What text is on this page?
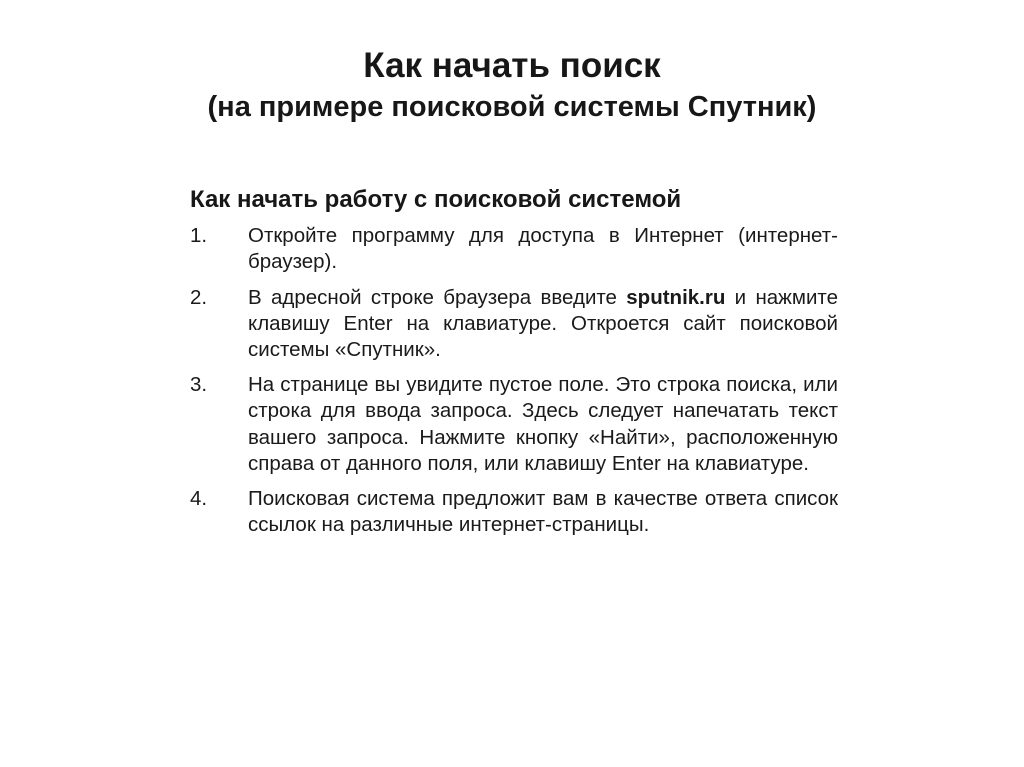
Как начать поиск
(на примере поисковой системы Спутник)
Как начать работу с поисковой системой
1.	Откройте программу для доступа в Интернет (интернет-браузер).
2.	В адресной строке браузера введите sputnik.ru и нажмите клавишу Enter на клавиатуре. Откроется сайт поисковой системы «Спутник».
3.	На странице вы увидите пустое поле. Это строка поиска, или строка для ввода запроса. Здесь следует напечатать текст вашего запроса. Нажмите кнопку «Найти», расположенную справа от данного поля, или клавишу Enter на клавиатуре.
4.	Поисковая система предложит вам в качестве ответа список ссылок на различные интернет-страницы.
